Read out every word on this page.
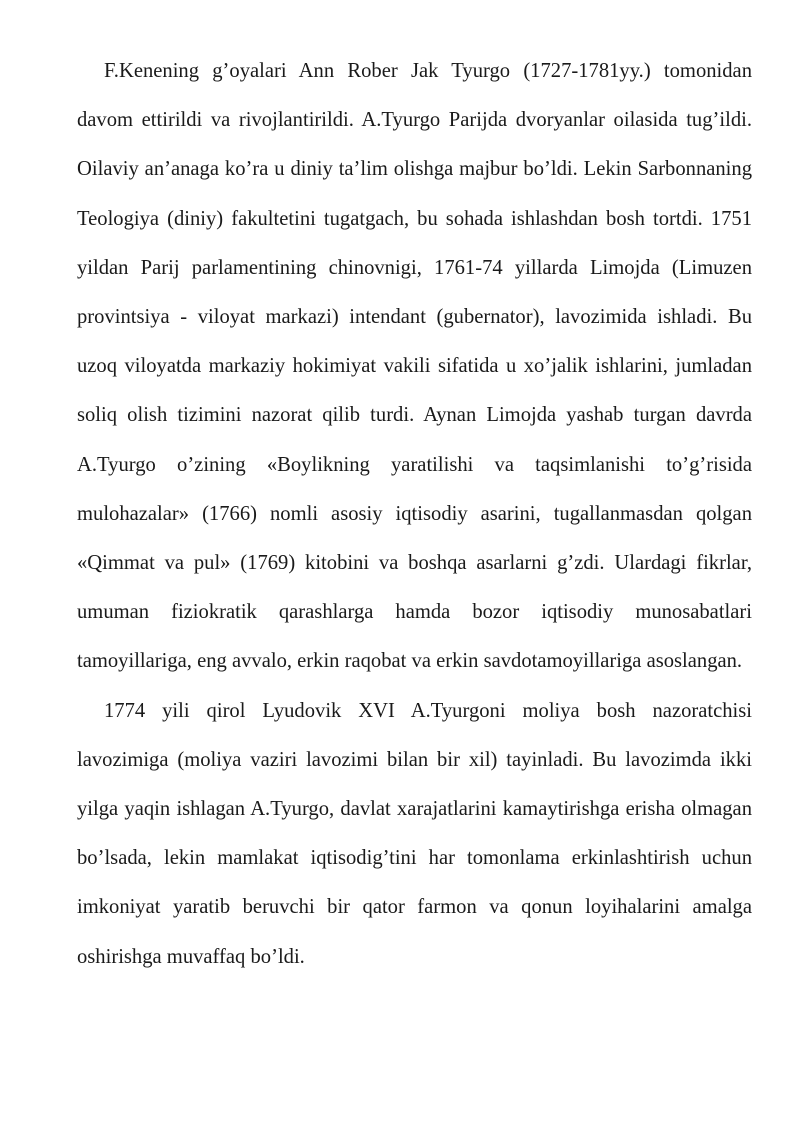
F.Kenening g’oyalari Ann Rober Jak Tyurgo (1727-1781yy.) tomonidan davom ettirildi va rivojlantirildi. A.Tyurgo Parijda dvoryanlar oilasida tug’ildi. Oilaviy an’anaga ko’ra u diniy ta’lim olishga majbur bo’ldi. Lekin Sarbonnaning Teologiya (diniy) fakultetini tugatgach, bu sohada ishlashdan bosh tortdi. 1751 yildan Parij parlamentining chinovnigi, 1761-74 yillarda Limojda (Limuzen provintsiya - viloyat markazi) intendant (gubernator), lavozimida ishladi. Bu uzoq viloyatda markaziy hokimiyat vakili sifatida u xo’jalik ishlarini, jumladan soliq olish tizimini nazorat qilib turdi. Aynan Limojda yashab turgan davrda A.Tyurgo o’zining «Boylikning yaratilishi va taqsimlanishi to’g’risida mulohazalar» (1766) nomli asosiy iqtisodiy asarini, tugallanmasdan qolgan «Qimmat va pul» (1769) kitobini va boshqa asarlarni g’zdi. Ulardagi fikrlar, umuman fiziokratik qarashlarga hamda bozor iqtisodiy munosabatlari tamoyillariga, eng avvalo, erkin raqobat va erkin savdotamoyillariga asoslangan.

1774 yili qirol Lyudovik XVI A.Tyurgoni moliya bosh nazoratchisi lavozimiga (moliya vaziri lavozimi bilan bir xil) tayinladi. Bu lavozimda ikki yilga yaqin ishlagan A.Tyurgo, davlat xarajatlarini kamaytirishga erisha olmagan bo’lsada, lekin mamlakat iqtisodig’tini har tomonlama erkinlashtirish uchun imkoniyat yaratib beruvchi bir qator farmon va qonun loyihalarini amalga oshirishga muvaffaq bo’ldi.
